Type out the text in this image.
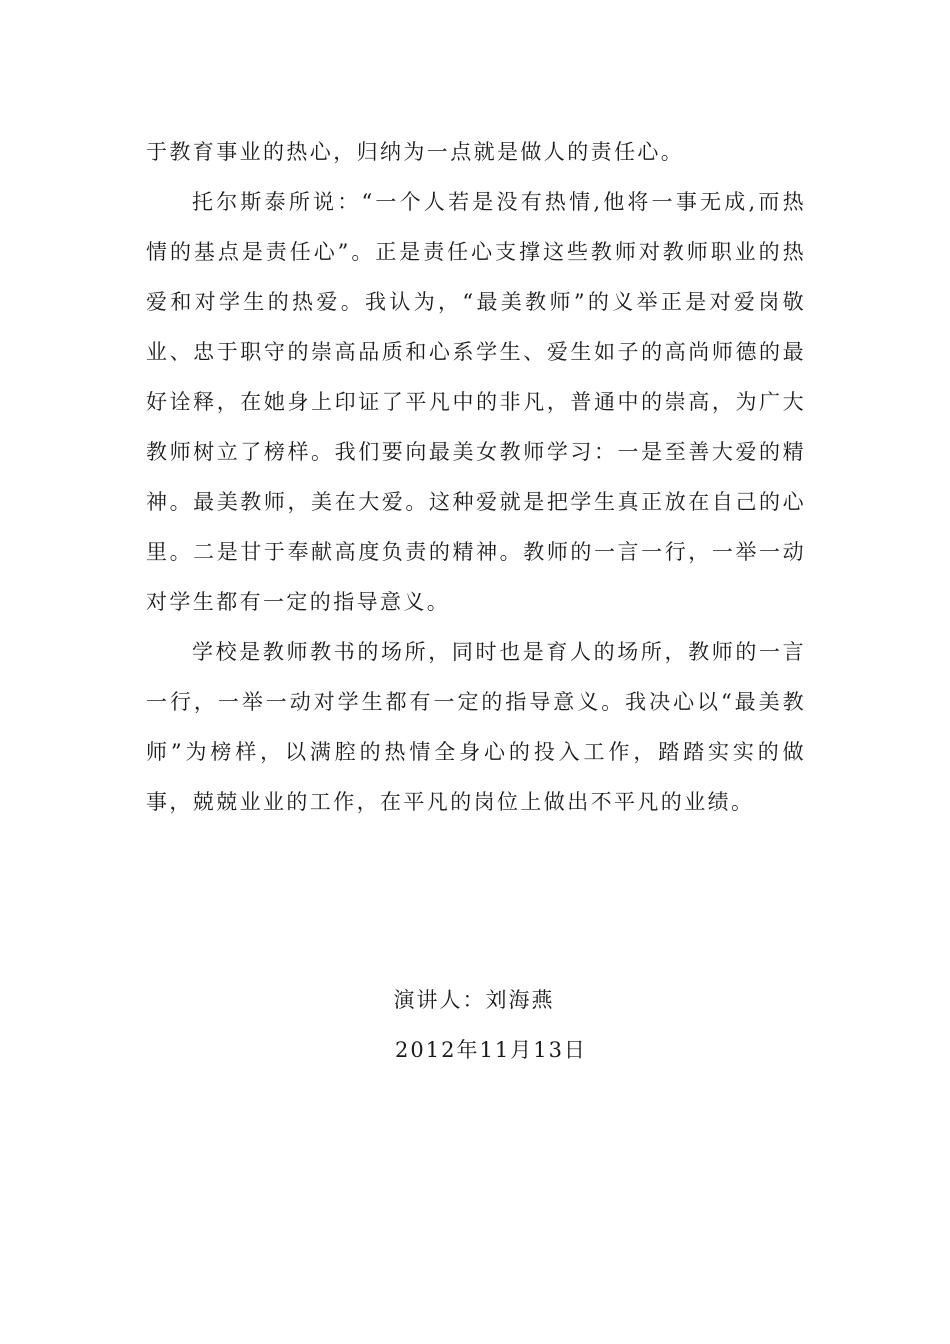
于教育事业的热心，归纳为一点就是做人的责任心。

托尔斯泰所说：“一个人若是没有热情,他将一事无成,而热情的基点是责任心”。正是责任心支撑这些教师对教师职业的热爱和对学生的热爱。我认为，“最美教师”的义举正是对爱岗敬业、忠于职守的崇高品质和心系学生、爱生如子的高尚师德的最好诠释，在她身上印证了平凡中的非凡，普通中的崇高，为广大教师树立了榜样。我们要向最美女教师学习：一是至善大爱的精神。最美教师，美在大爱。这种爱就是把学生真正放在自己的心里。二是甘于奉献高度负责的精神。教师的一言一行，一举一动对学生都有一定的指导意义。

学校是教师教书的场所，同时也是育人的场所，教师的一言一行，一举一动对学生都有一定的指导意义。我决心以“最美教师”为榜样，以满腔的热情全身心的投入工作，踏踏实实的做事，兢兢业业的工作，在平凡的岗位上做出不平凡的业绩。

演讲人：刘海燕
2012年11月13日
